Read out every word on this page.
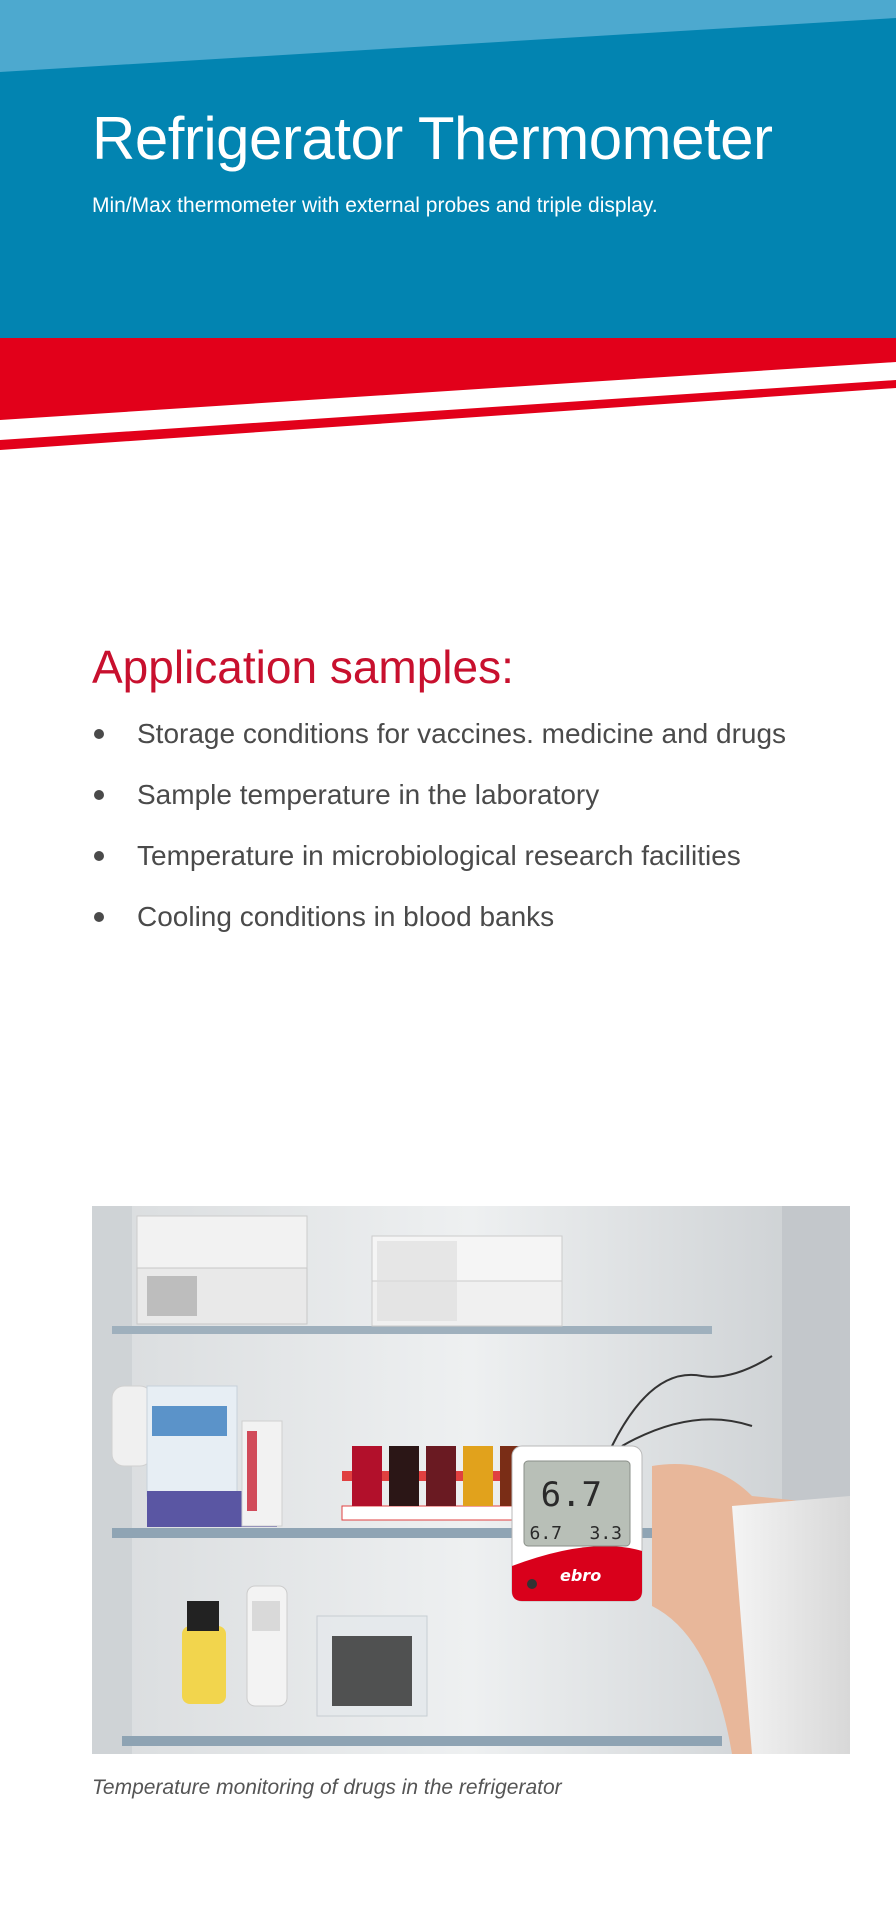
Refrigerator Thermometer

Min/Max thermometer with external probes and triple display.

Application samples:
Storage conditions for vaccines. medicine and drugs
Sample temperature in the laboratory
Temperature in microbiological research facilities
Cooling conditions in blood banks
6.7
6.7 3.3
ebro

Temperature monitoring of drugs in the refrigerator
